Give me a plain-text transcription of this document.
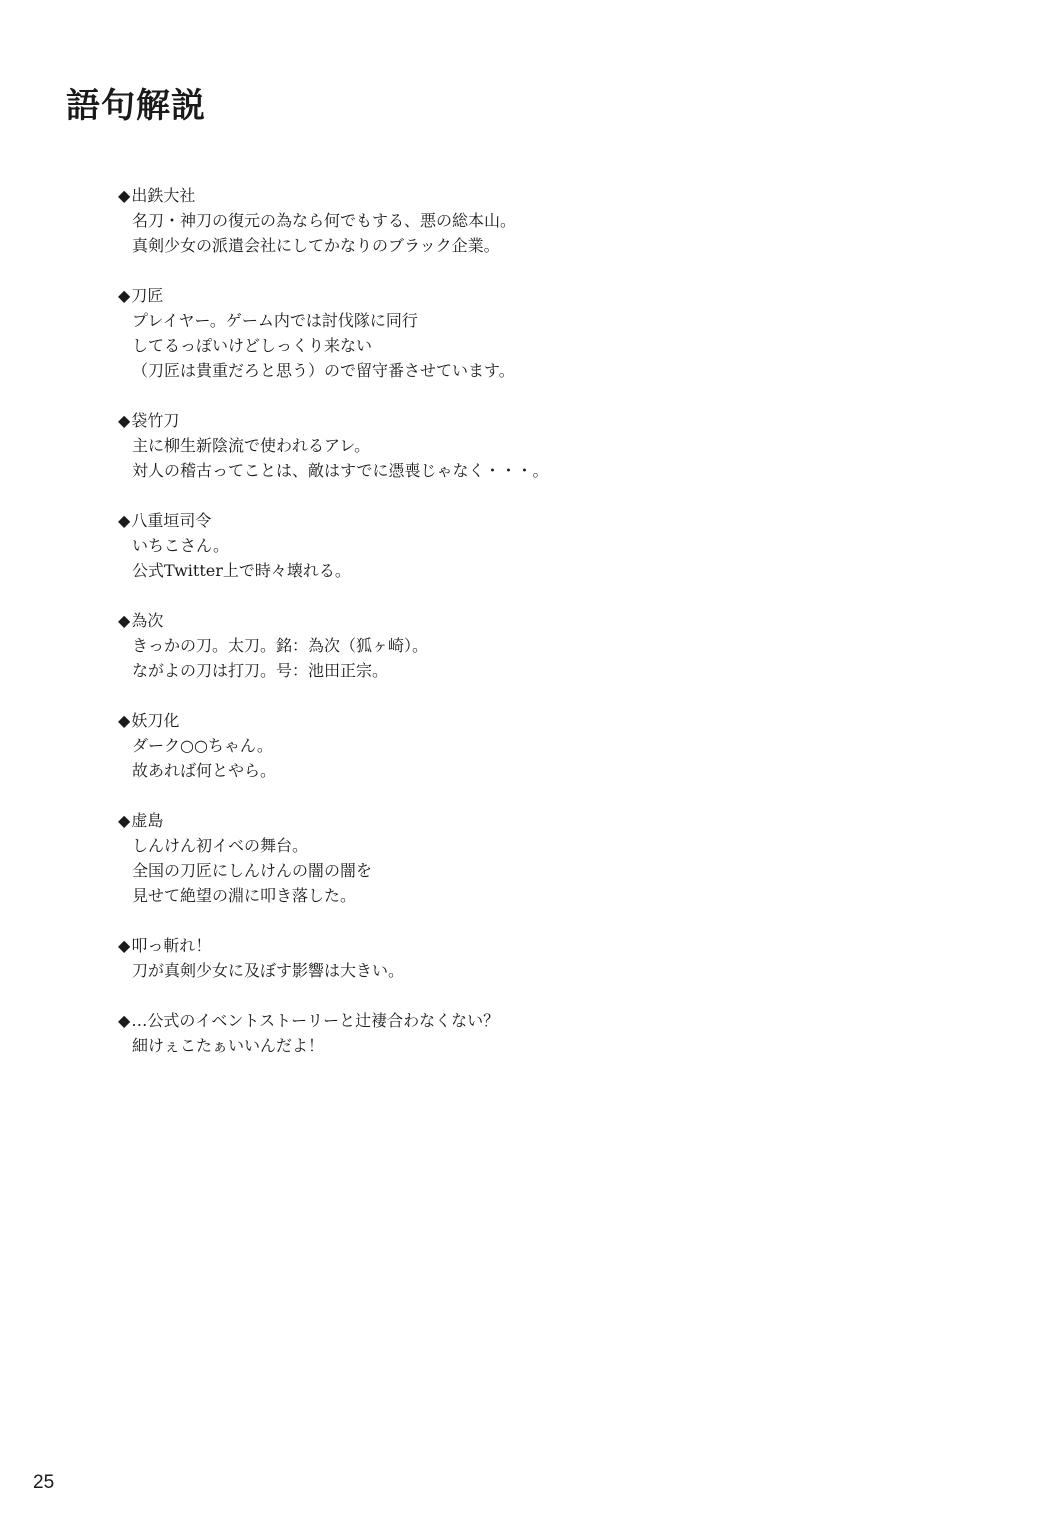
語句解説
◆ 出鉄大社
名刀・神刀の復元の為なら何でもする、悪の総本山。
真剣少女の派遣会社にしてかなりのブラック企業。
◆ 刀匠
プレイヤー。ゲーム内では討伐隊に同行
してるっぽいけどしっくり来ない
（刀匠は貴重だろと思う）ので留守番させています。
◆ 袋竹刀
主に柳生新陰流で使われるアレ。
対人の稽古ってことは、敵はすでに憑喪じゃなく・・・。
◆ 八重垣司令
いちこさん。
公式Twitter上で時々壊れる。
◆ 為次
きっかの刀。太刀。銘：為次（狐ヶ崎）。
ながよの刀は打刀。号：池田正宗。
◆ 妖刀化
ダーク○○ちゃん。
故あれば何とやら。
◆ 虚島
しんけん初イベの舞台。
全国の刀匠にしんけんの闇の闇を
見せて絶望の淵に叩き落した。
◆ 叩っ斬れ！
刀が真剣少女に及ぼす影響は大きい。
◆ …公式のイベントストーリーと辻褄合わなくない？
細けぇこたぁいいんだよ！
25
